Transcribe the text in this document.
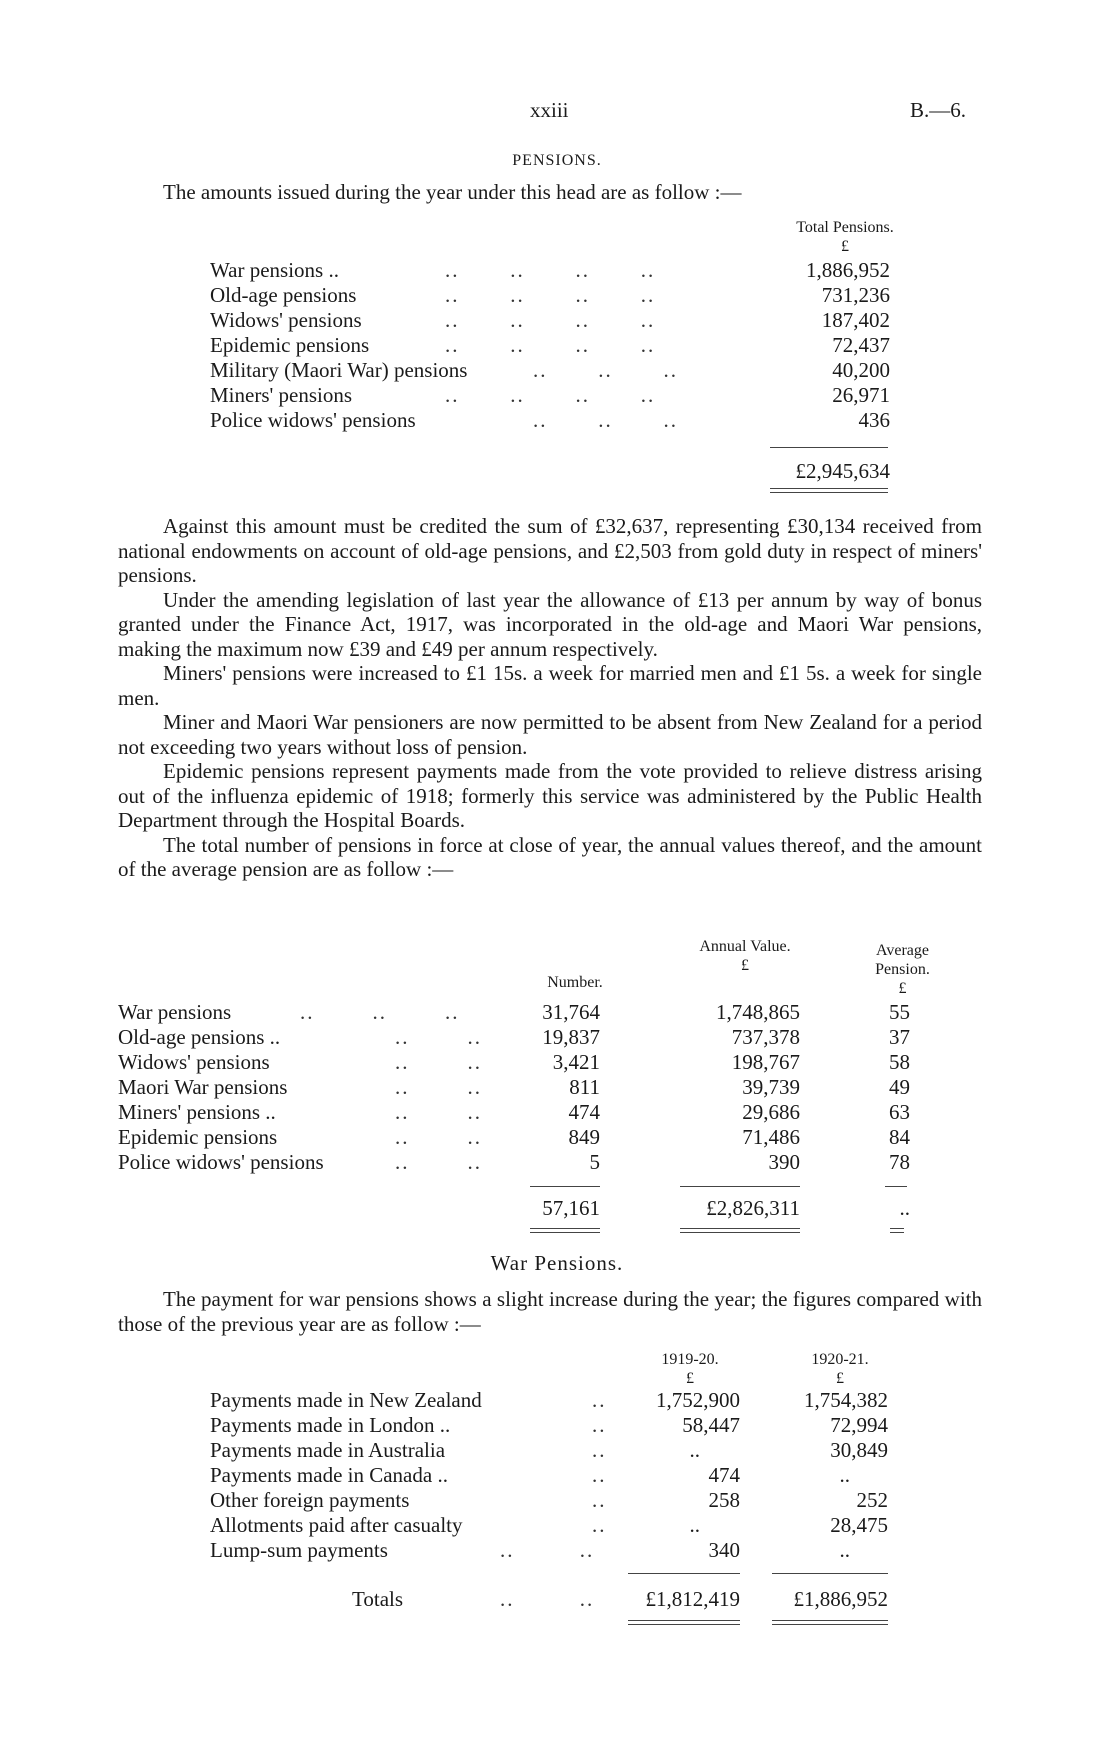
xxiii	B.—6.
PENSIONS.
The amounts issued during the year under this head are as follow :—
Total Pensions.
£
War pensions ..	..       ..       ..       ..	1,886,952
Old-age pensions	..       ..       ..       ..	731,236
Widows' pensions	..       ..       ..       ..	187,402
Epidemic pensions	..       ..       ..       ..	72,437
Military (Maori War) pensions	..       ..       ..	40,200
Miners' pensions	..       ..       ..       ..	26,971
Police widows' pensions	..       ..       ..	436
£2,945,634

Against this amount must be credited the sum of £32,637, representing £30,134 received from national endowments on account of old-age pensions, and £2,503 from gold duty in respect of miners' pensions.

Under the amending legislation of last year the allowance of £13 per annum by way of bonus granted under the Finance Act, 1917, was incorporated in the old-age and Maori War pensions, making the maximum now £39 and £49 per annum respectively.

Miners' pensions were increased to £1 15s. a week for married men and £1 5s. a week for single men.

Miner and Maori War pensioners are now permitted to be absent from New Zealand for a period not exceeding two years without loss of pension.

Epidemic pensions represent payments made from the vote provided to relieve distress arising out of the influenza epidemic of 1918; formerly this service was administered by the Public Health Department through the Hospital Boards.

The total number of pensions in force at close of year, the annual values thereof, and the amount of the average pension are as follow :—

Number.
Annual Value.
£
Average Pension.
£
War pensions	..        ..        ..	31,764	1,748,865	55
Old-age pensions ..	..        ..	19,837	737,378	37
Widows' pensions	..        ..	3,421	198,767	58
Maori War pensions	..        ..	811	39,739	49
Miners' pensions ..	..        ..	474	29,686	63
Epidemic pensions	..        ..	849	71,486	84
Police widows' pensions	..        ..	5	390	78
57,161	£2,826,311	..
War Pensions.

The payment for war pensions shows a slight increase during the year; the figures compared with those of the previous year are as follow :—

1919-20.
£
1920-21.
£
Payments made in New Zealand	..	1,752,900	1,754,382
Payments made in London ..	..	58,447	72,994
Payments made in Australia	..	..	30,849
Payments made in Canada ..	..	474	..
Other foreign payments	..	258	252
Allotments paid after casualty	..	..	28,475
Lump-sum payments	..         ..	340	..
Totals	..         ..	£1,812,419	£1,886,952
